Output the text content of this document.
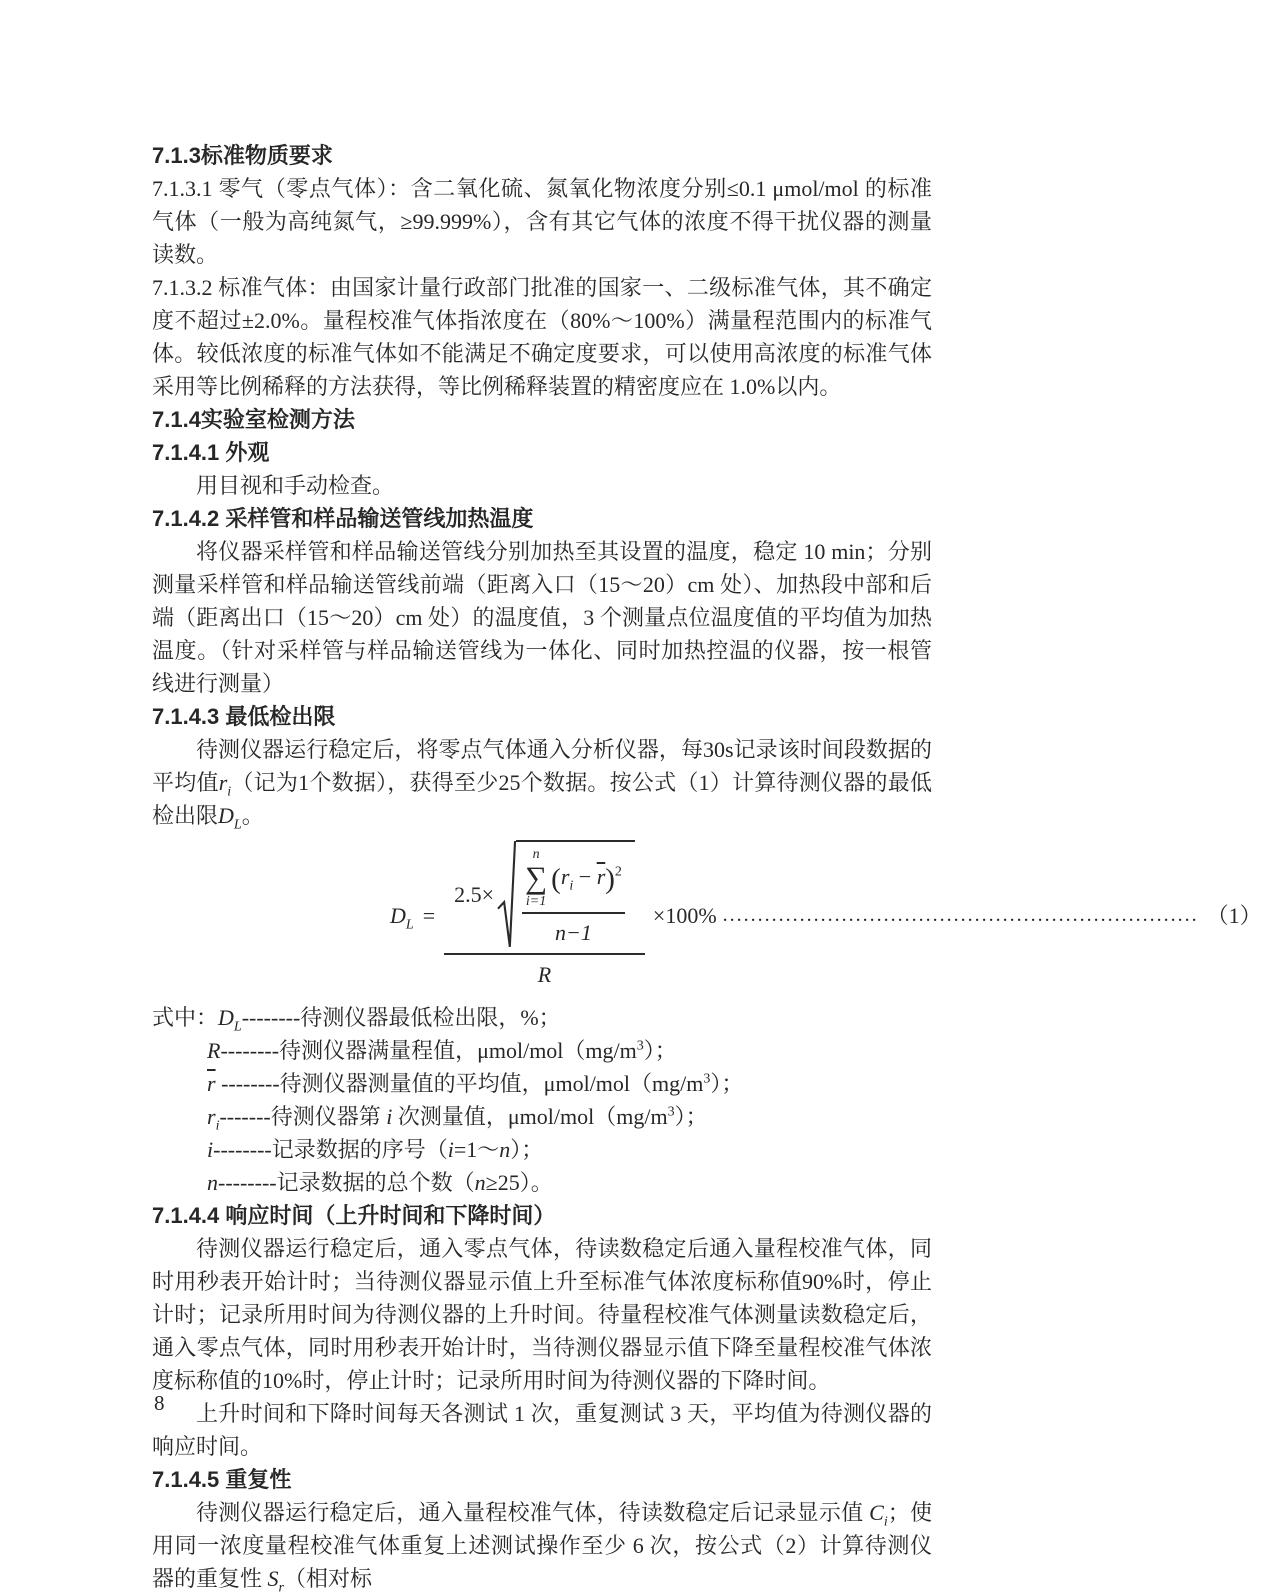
7.1.3标准物质要求
7.1.3.1 零气（零点气体）：含二氧化硫、氮氧化物浓度分别≤0.1 μmol/mol 的标准气体（一般为高纯氮气，≥99.999%），含有其它气体的浓度不得干扰仪器的测量读数。
7.1.3.2 标准气体：由国家计量行政部门批准的国家一、二级标准气体，其不确定度不超过±2.0%。量程校准气体指浓度在（80%～100%）满量程范围内的标准气体。较低浓度的标准气体如不能满足不确定度要求，可以使用高浓度的标准气体采用等比例稀释的方法获得，等比例稀释装置的精密度应在 1.0%以内。
7.1.4实验室检测方法
7.1.4.1 外观
用目视和手动检查。
7.1.4.2 采样管和样品输送管线加热温度
将仪器采样管和样品输送管线分别加热至其设置的温度，稳定 10 min；分别测量采样管和样品输送管线前端（距离入口（15～20）cm 处）、加热段中部和后端（距离出口（15～20）cm 处）的温度值，3 个测量点位温度值的平均值为加热温度。（针对采样管与样品输送管线为一体化、同时加热控温的仪器，按一根管线进行测量）
7.1.4.3 最低检出限
待测仪器运行稳定后，将零点气体通入分析仪器，每30s记录该时间段数据的平均值$r_i$（记为1个数据），获得至少25个数据。按公式（1）计算待测仪器的最低检出限$D_L$。
$D_L$ =
2.5×
n
∑
i=1
$(r_i - \overline{r})^2$
n−1
R
×100% .................................................................... （1）
式中：$D_L--------$待测仪器最低检出限，%；
R--------待测仪器满量程值，μmol/$mol(mg/m^3)$；
$\overline{r}$ --------待测仪器测量值的平均值，μmol/$mol(mg/m^3)$；
$r_i-------$待测仪器第 i 次测量值，μmol/$mol(mg/m^3)$；
i--------记录数据的序号（i=1～n）；
n--------记录数据的总个数（n≥25）。
7.1.4.4 响应时间（上升时间和下降时间）
待测仪器运行稳定后，通入零点气体，待读数稳定后通入量程校准气体，同时用秒表开始计时；当待测仪器显示值上升至标准气体浓度标称值90%时，停止计时；记录所用时间为待测仪器的上升时间。待量程校准气体测量读数稳定后，通入零点气体，同时用秒表开始计时，当待测仪器显示值下降至量程校准气体浓度标称值的10%时，停止计时；记录所用时间为待测仪器的下降时间。
上升时间和下降时间每天各测试 1 次，重复测试 3 天，平均值为待测仪器的响应时间。
7.1.4.5 重复性
待测仪器运行稳定后，通入量程校准气体，待读数稳定后记录显示值 $C_i$；使用同一浓度量程校准气体重复上述测试操作至少 6 次，按公式（2）计算待测仪器的重复性 $S_r$（相对标
8
